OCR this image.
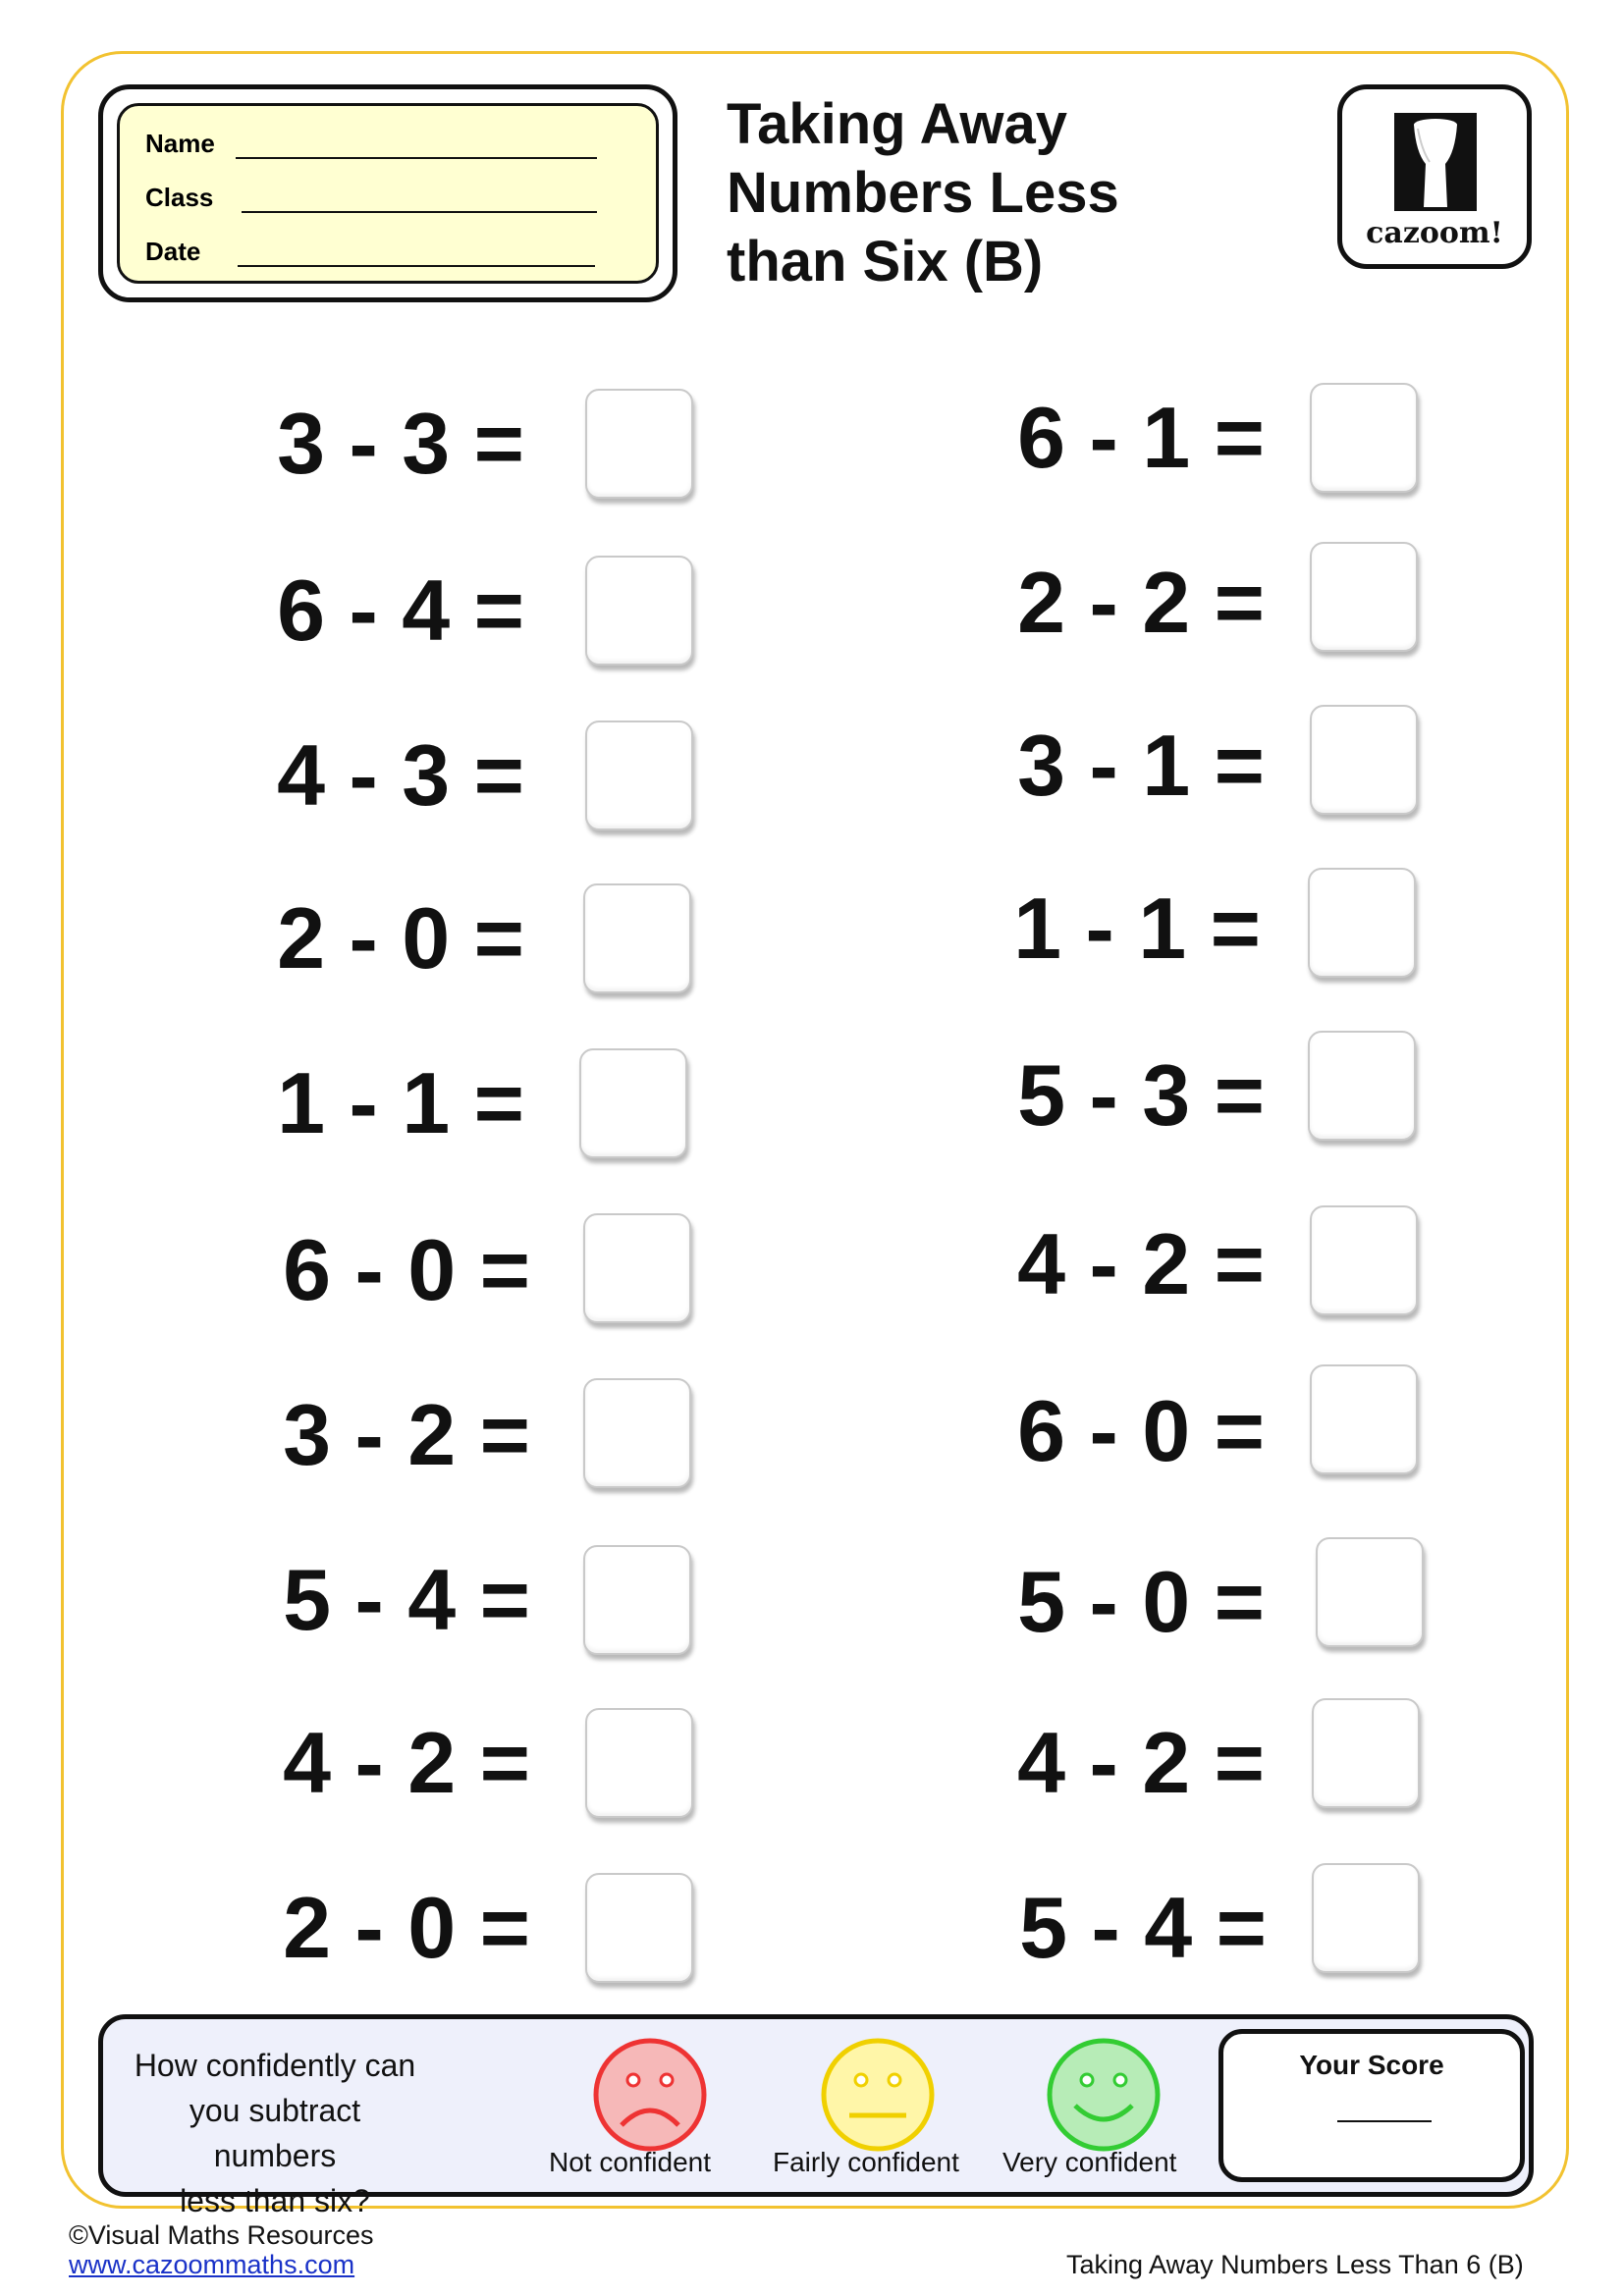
Name
Class
Date
Taking Away
Numbers Less
than Six (B)	cazoom!
3 - 3 =
6 - 4 =
4 - 3 =
2 - 0 =
1 - 1 =
6 - 0 =
3 - 2 =
5 - 4 =
4 - 2 =
2 - 0 =
6 - 1 =
2 - 2 =
3 - 1 =
1 - 1 =
5 - 3 =
4 - 2 =
6 - 0 =
5 - 0 =
4 - 2 =
5 - 4 =
How confidently can
you subtract numbers
less than six?
Not confident Fairly confident Very confident
Your Score
©Visual Maths Resources
www.cazoommaths.com	Taking Away Numbers Less Than 6 (B)
